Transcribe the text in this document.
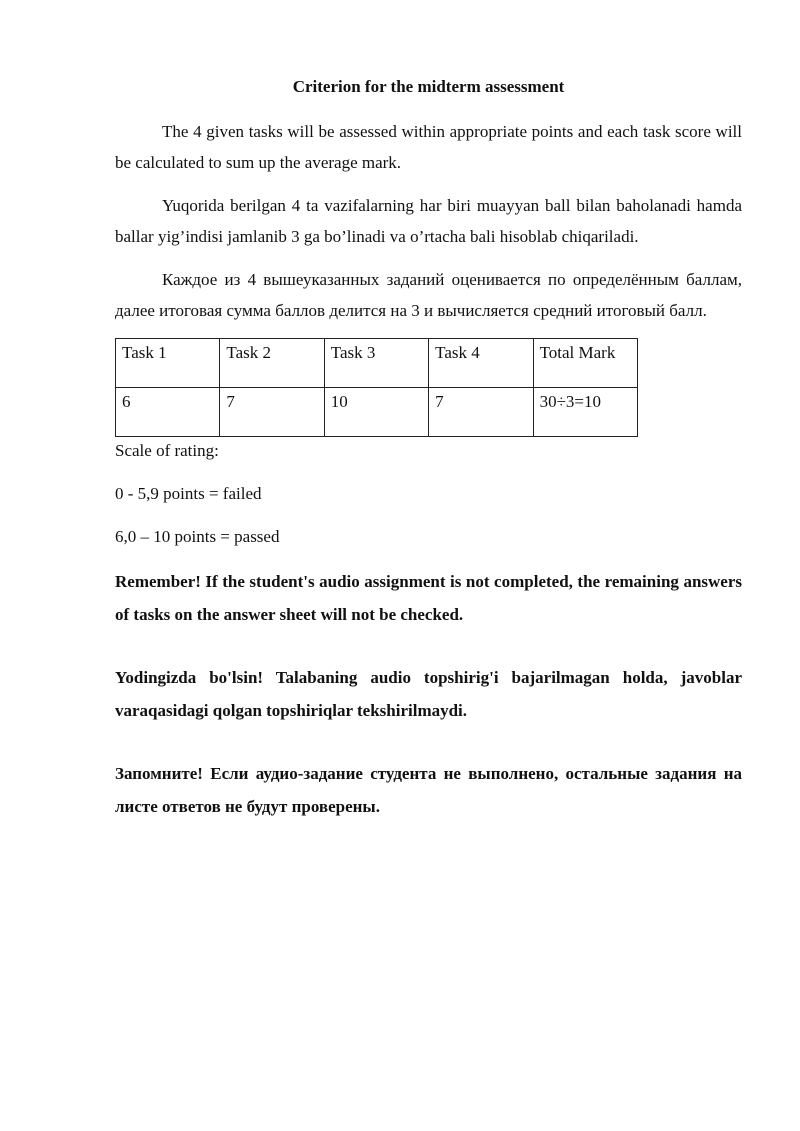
Criterion for the midterm assessment

The 4 given tasks will be assessed within appropriate points and each task score will be calculated to sum up the average mark.

Yuqorida berilgan 4 ta vazifalarning har biri muayyan ball bilan baholanadi hamda ballar yig’indisi jamlanib 3 ga bo’linadi va o’rtacha bali hisoblab chiqariladi.

Каждое из 4 вышеуказанных заданий оценивается по определённым баллам, далее итоговая сумма баллов делится на 3 и вычисляется средний итоговый балл.

Task 1	Task 2	Task 3	Task 4	Total Mark
6	7	10	7	30÷3=10

Scale of rating:

0 - 5,9 points = failed

6,0 – 10 points = passed

Remember! If the student's audio assignment is not completed, the remaining answers of tasks on the answer sheet will not be checked.

Yodingizda bo'lsin! Talabaning audio topshirig'i bajarilmagan holda, javoblar varaqasidagi qolgan topshiriqlar tekshirilmaydi.

Запомните! Если аудио-задание студента не выполнено, остальные задания на листе ответов не будут проверены.
